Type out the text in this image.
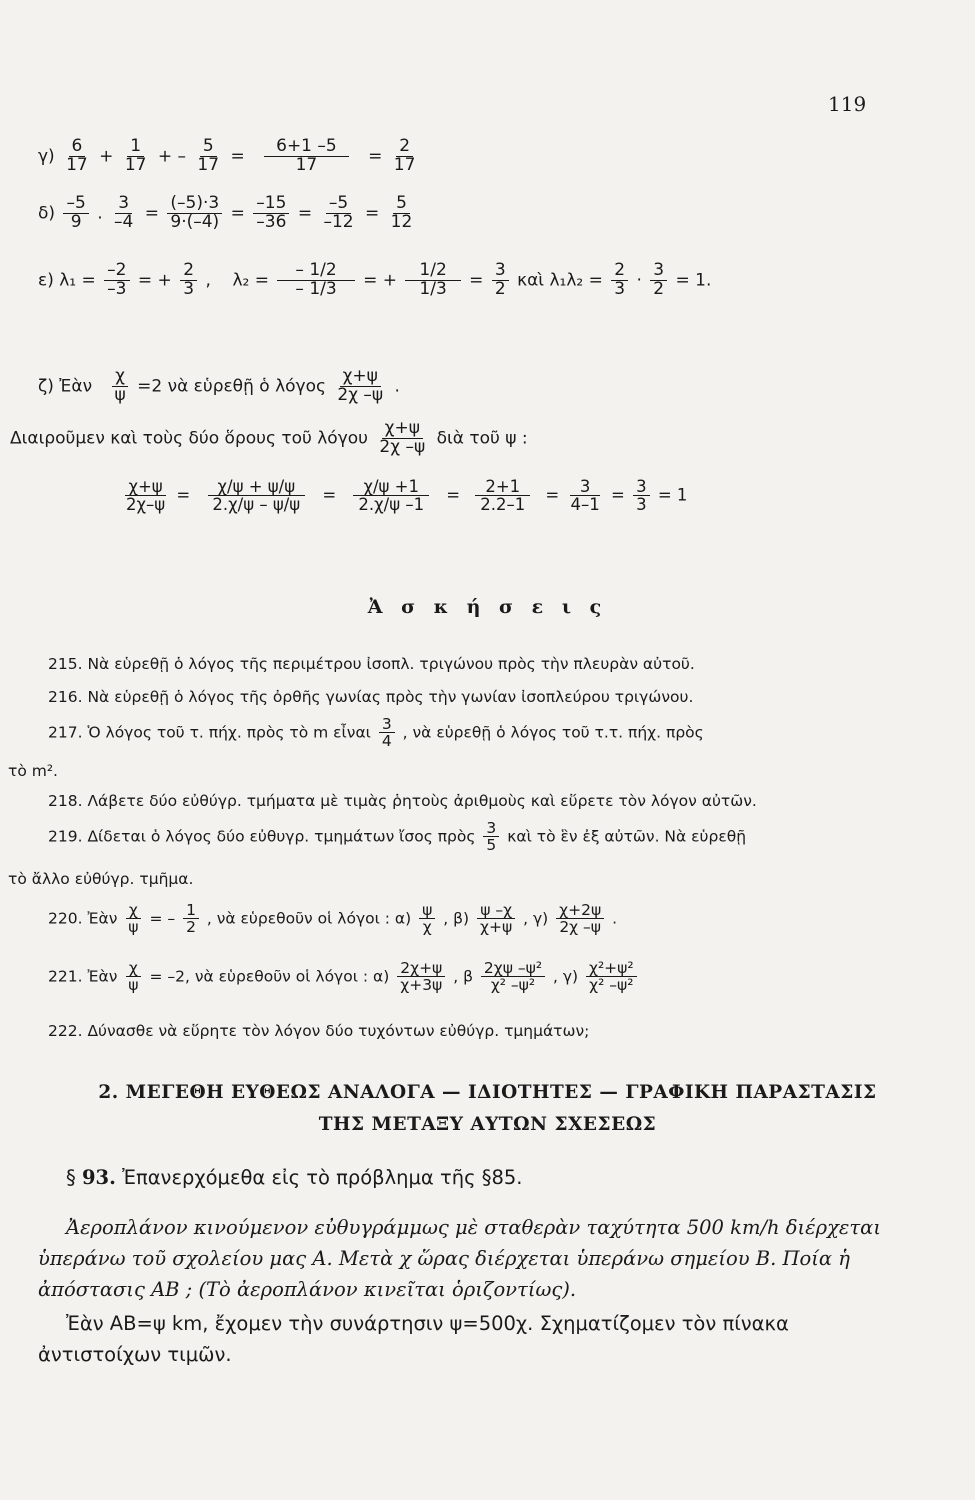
119
$\gamma) \frac{6}{17} + \frac{1}{17}$ + – $\frac{5}{17} = \frac{6+1 -5}{17} = \frac{2}{17}$
$\delta) \frac{-5}{9}$ . $\frac{3}{-4} = \frac{(-5)\cdot 3}{9\cdot(-4)} = \frac{-15}{-36} = \frac{-5}{-12} = \frac{5}{12}$
ε) $\lambda_1 = \frac{-2}{-3}$ = + $\frac{2}{3}$ , $\lambda_2 = \frac{- 1/2}{- 1/3}$ = + $\frac{1/2}{1/3} = \frac{3}{2}$ καὶ $\lambda_1\lambda_2 = \frac{2}{3} \cdot \frac{3}{2} = 1$.
ζ) Ἐὰν $\frac{\chi}{\psi} =2$ νὰ εὑρεθῇ ὁ λόγος $\frac{\chi+\psi}{2\chi -\psi}$ .
Διαιροῦμεν καὶ τοὺς δύο ὅρους τοῦ λόγου $\frac{\chi+\psi}{2\chi -\psi}$ διὰ τοῦ ψ :
$\frac{\chi+\psi}{2\chi-\psi} = \frac{\chi/\psi + \psi/\psi}{2.\chi/\psi - \psi/\psi} = \frac{\chi/\psi +1}{2.\chi/\psi -1} = \frac{2+1}{2.2-1} = \frac{3}{4-1} = \frac{3}{3} = 1$
Ἀ σ κ ή σ ε ι ς
215. Νὰ εὑρεθῇ ὁ λόγος τῆς περιμέτρου ἰσοπλ. τριγώνου πρὸς τὴν πλευρὰν αὐτοῦ.
216. Νὰ εὑρεθῇ ὁ λόγος τῆς ὀρθῆς γωνίας πρὸς τὴν γωνίαν ἰσοπλεύρου τριγώνου.
217. Ὁ λόγος τοῦ τ. πήχ. πρὸς τὸ m εἶναι $\frac{3}{4}$ , νὰ εὑρεθῇ ὁ λόγος τοῦ τ.τ. πήχ. πρὸς
τὸ m².
218. Λάβετε δύο εὐθύγρ. τμήματα μὲ τιμὰς ῥητοὺς ἀριθμοὺς καὶ εὕρετε τὸν λόγον αὐτῶν.
219. Δίδεται ὁ λόγος δύο εὐθυγρ. τμημάτων ἴσος πρὸς $\frac{3}{5}$ καὶ τὸ ἓν ἐξ αὐτῶν. Νὰ εὑρεθῇ
τὸ ἄλλο εὐθύγρ. τμῆμα.
220. Ἐὰν $\frac{\chi}{\psi}$ = – $\frac{1}{2}$ , νὰ εὑρεθοῦν οἱ λόγοι : $\alpha) \frac{\psi}{\chi}$ , $\beta) \frac{\psi -\chi}{\chi+\psi}$ , $\gamma) \frac{\chi+2\psi}{2\chi -\psi}$ .
221. Ἐὰν $\frac{\chi}{\psi} = -2$, νὰ εὑρεθοῦν οἱ λόγοι : $\alpha) \frac{2\chi+\psi}{\chi+3\psi}$ , β $\frac{\text{2χψ –ψ²}}{\text{χ² –ψ²}}$ , $\gamma) \frac{\text{χ²+ψ²}}{\text{χ² –ψ²}}$
222. Δύνασθε νὰ εὕρητε τὸν λόγον δύο τυχόντων εὐθύγρ. τμημάτων;
2. ΜΕΓΕΘΗ ΕΥΘΕΩΣ ΑΝΑΛΟΓΑ — ΙΔΙΟΤΗΤΕΣ — ΓΡΑΦΙΚΗ ΠΑΡΑΣΤΑΣΙΣ
ΤΗΣ ΜΕΤΑΞΥ ΑΥΤΩΝ ΣΧΕΣΕΩΣ
§ 93. Ἐπανερχόμεθα εἰς τὸ πρόβλημα τῆς §85.
Ἀεροπλάνον κινούμενον εὐθυγράμμως μὲ σταθερὰν ταχύτητα 500 km/h διέρχεται ὑπεράνω τοῦ σχολείου μας Α. Μετὰ χ ὥρας διέρχεται ὑπεράνω σημείου Β. Ποία ἡ ἀπόστασις ΑΒ ; (Τὸ ἀεροπλάνον κινεῖται ὁριζοντίως).
Ἐὰν ΑΒ=ψ km, ἔχομεν τὴν συνάρτησιν ψ=500χ. Σχηματίζομεν τὸν πίνακα ἀντιστοίχων τιμῶν.
